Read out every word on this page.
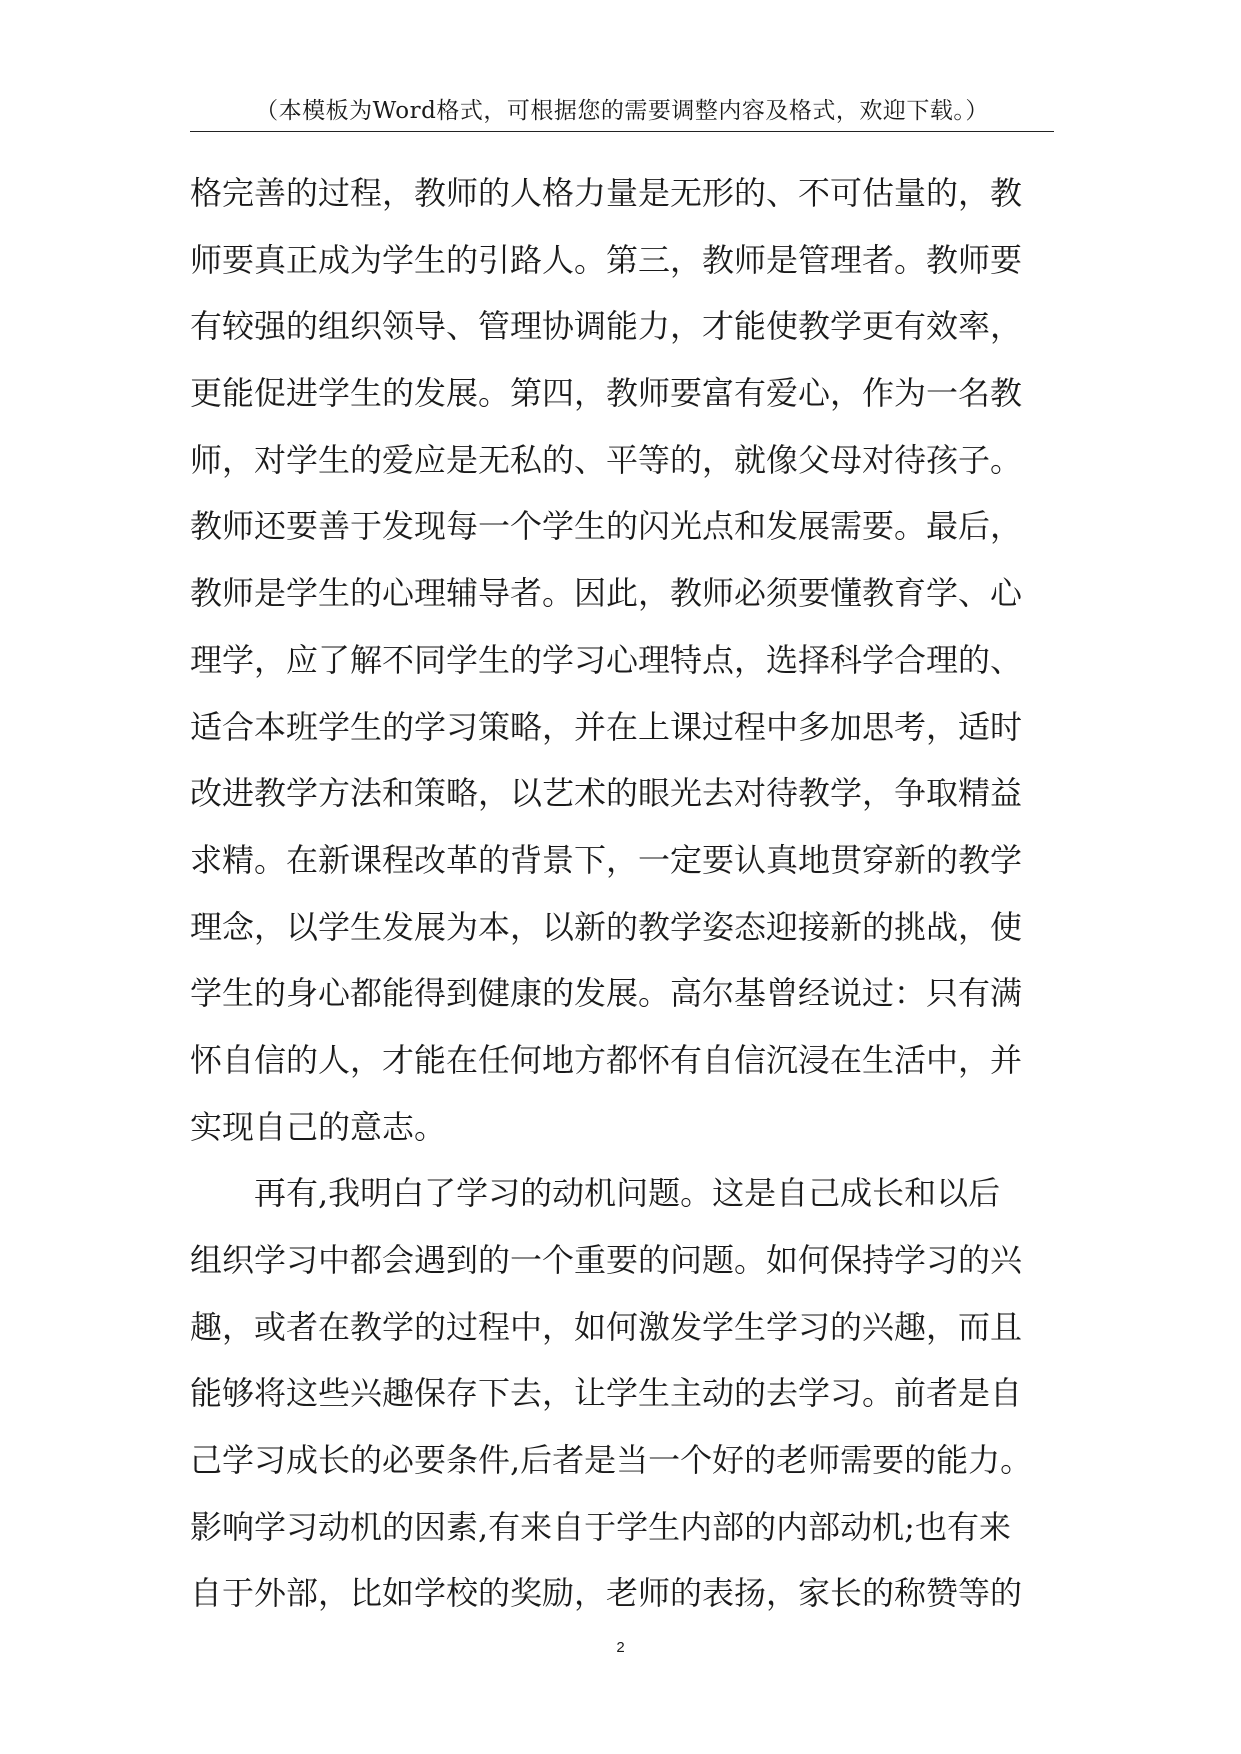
（本模板为Word格式，可根据您的需要调整内容及格式，欢迎下载。）
格完善的过程，教师的人格力量是无形的、不可估量的，教
师要真正成为学生的引路人。第三，教师是管理者。教师要
有较强的组织领导、管理协调能力，才能使教学更有效率，
更能促进学生的发展。第四，教师要富有爱心，作为一名教
师，对学生的爱应是无私的、平等的，就像父母对待孩子。
教师还要善于发现每一个学生的闪光点和发展需要。最后，
教师是学生的心理辅导者。因此，教师必须要懂教育学、心
理学，应了解不同学生的学习心理特点，选择科学合理的、
适合本班学生的学习策略，并在上课过程中多加思考，适时
改进教学方法和策略，以艺术的眼光去对待教学，争取精益
求精。在新课程改革的背景下，一定要认真地贯穿新的教学
理念，以学生发展为本，以新的教学姿态迎接新的挑战，使
学生的身心都能得到健康的发展。高尔基曾经说过：只有满
怀自信的人，才能在任何地方都怀有自信沉浸在生活中，并
实现自己的意志。
再有,我明白了学习的动机问题。这是自己成长和以后
组织学习中都会遇到的一个重要的问题。如何保持学习的兴
趣，或者在教学的过程中，如何激发学生学习的兴趣，而且
能够将这些兴趣保存下去，让学生主动的去学习。前者是自
己学习成长的必要条件,后者是当一个好的老师需要的能力。
影响学习动机的因素,有来自于学生内部的内部动机;也有来
自于外部，比如学校的奖励，老师的表扬，家长的称赞等的
2
